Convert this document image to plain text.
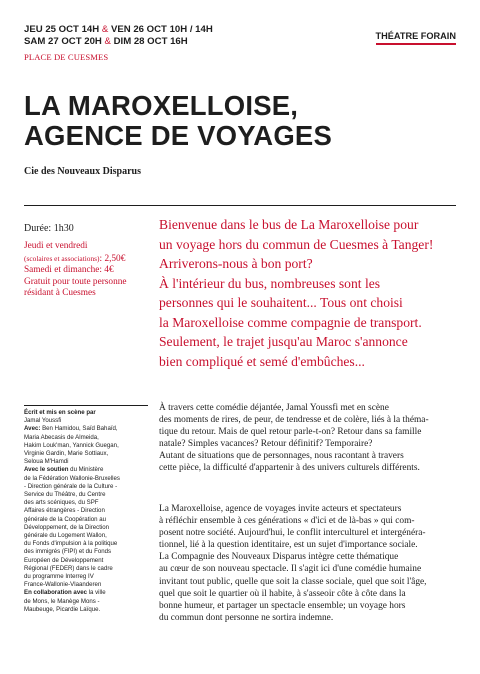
JEU 25 OCT 14H & VEN 26 OCT 10H / 14H
SAM 27 OCT 20H & DIM 28 OCT 16H
PLACE DE CUESMES
THÉATRE FORAIN
LA MAROXELLOISE,
AGENCE DE VOYAGES
Cie des Nouveaux Disparus
Durée: 1h30
Jeudi et vendredi
(scolaires et associations): 2,50€
Samedi et dimanche: 4€
Gratuit pour toute personne
résidant à Cuesmes
Bienvenue dans le bus de La Maroxelloise pour
un voyage hors du commun de Cuesmes à Tanger!
Arriverons-nous à bon port?
À l'intérieur du bus, nombreuses sont les
personnes qui le souhaitent... Tous ont choisi
la Maroxelloise comme compagnie de transport.
Seulement, le trajet jusqu'au Maroc s'annonce
bien compliqué et semé d'embûches...
À travers cette comédie déjantée, Jamal Youssfi met en scène
des moments de rires, de peur, de tendresse et de colère, liés à la théma-
tique du retour. Mais de quel retour parle-t-on? Retour dans sa famille
natale? Simples vacances? Retour définitif? Temporaire?
Autant de situations que de personnages, nous racontant à travers
cette pièce, la difficulté d'appartenir à des univers culturels différents.
La Maroxelloise, agence de voyages invite acteurs et spectateurs
à réfléchir ensemble à ces générations « d'ici et de là-bas » qui com-
posent notre société. Aujourd'hui, le conflit interculturel et intergénéra-
tionnel, lié à la question identitaire, est un sujet d'importance sociale.
La Compagnie des Nouveaux Disparus intègre cette thématique
au cœur de son nouveau spectacle. Il s'agit ici d'une comédie humaine
invitant tout public, quelle que soit la classe sociale, quel que soit l'âge,
quel que soit le quartier où il habite, à s'asseoir côte à côte dans la
bonne humeur, et partager un spectacle ensemble; un voyage hors
du commun dont personne ne sortira indemne.
Écrit et mis en scène par
Jamal Youssfi
Avec: Ben Hamidou, Saïd Bahaïd,
Maria Abecasis de Almeida,
Hakim Louk'man, Yannick Guegan,
Virginie Gardin, Marie Sottiaux,
Seloua M'Hamdi
Avec le soutien du Ministère
de la Fédération Wallonie-Bruxelles
- Direction générale de la Culture -
Service du Théâtre, du Centre
des arts scéniques, du SPF
Affaires étrangères - Direction
générale de la Coopération au
Développement, de la Direction
générale du Logement Wallon,
du Fonds d'impulsion à la politique
des immigrés (FIPI) et du Fonds
Européen de Développement
Régional (FEDER) dans le cadre
du programme Interreg IV
France-Wallonie-Vlaanderen
En collaboration avec la ville
de Mons, le Manège Mons -
Maubeuge, Picardie Laïque.
